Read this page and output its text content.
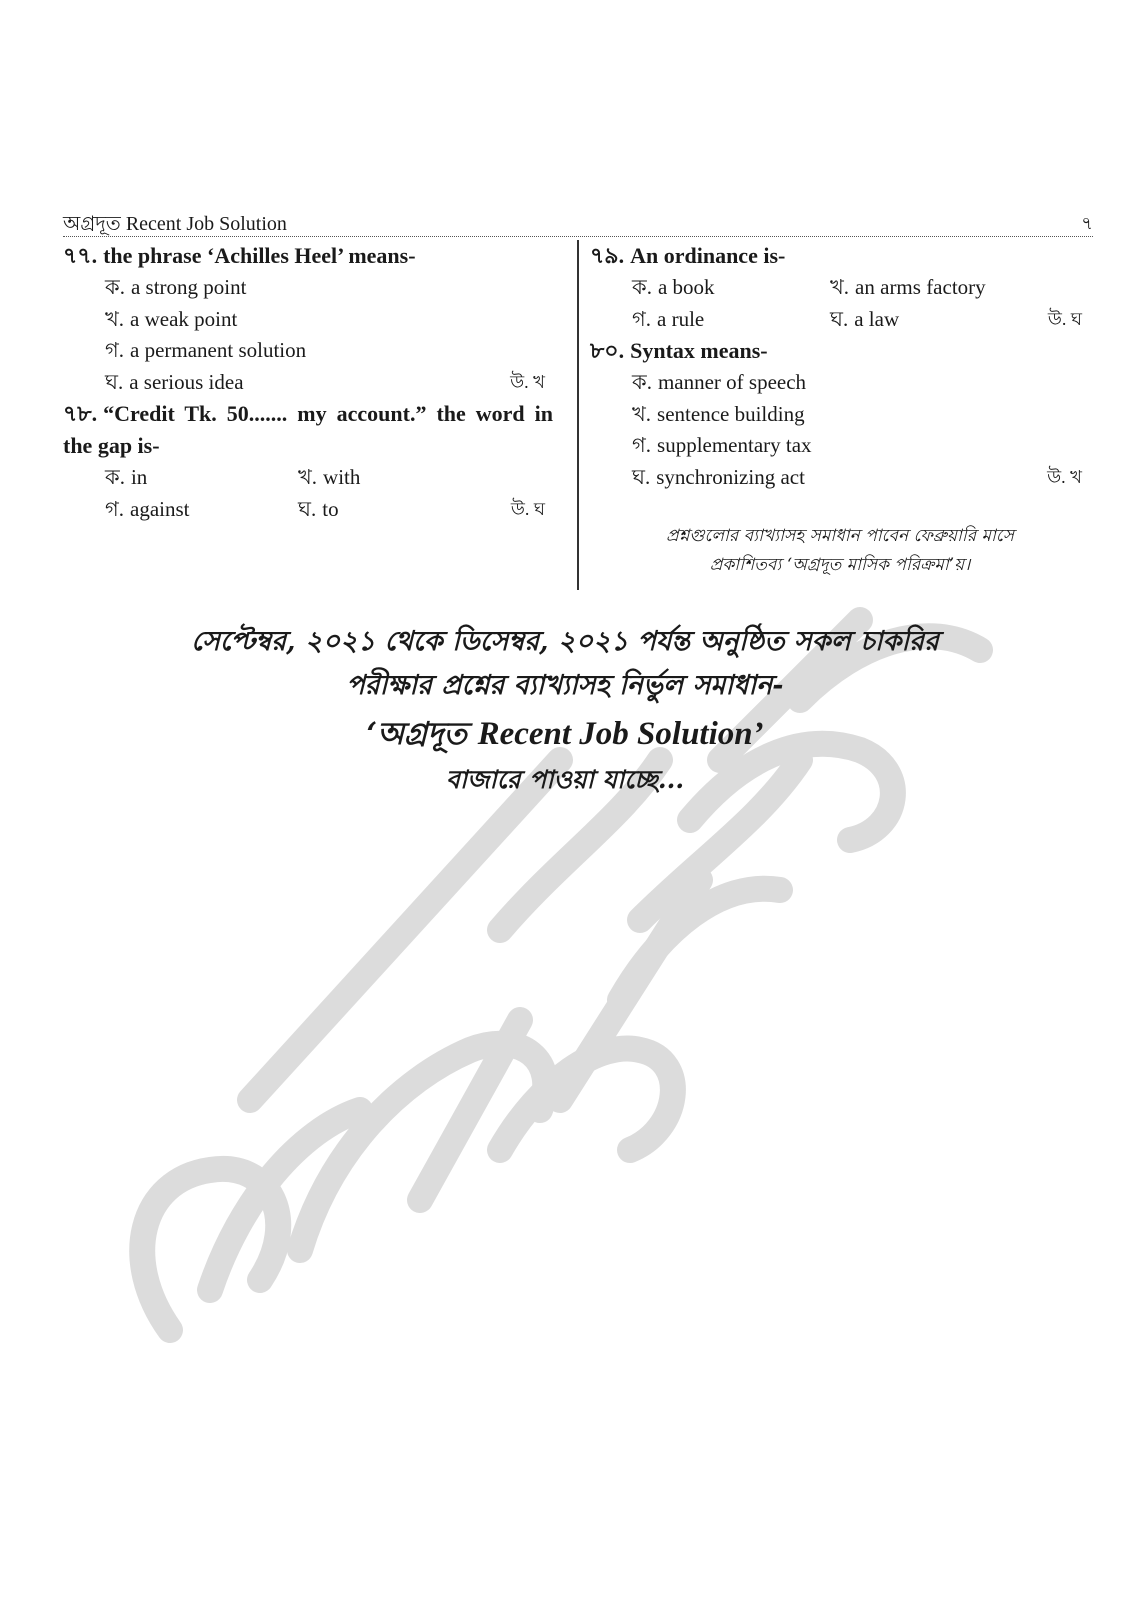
অগ্রদূত Recent Job Solution	৭
৭৭. the phrase ‘Achilles Heel’ means-
ক. a strong point
খ. a weak point
গ. a permanent solution
ঘ. a serious idea	উ. খ
৭৮. “Credit Tk. 50....... my account.” the word in the gap is-
ক. in	খ. with
গ. against	ঘ. to	উ. ঘ
৭৯. An ordinance is-
ক. a book	খ. an arms factory
গ. a rule	ঘ. a law	উ. ঘ
৮০. Syntax means-
ক. manner of speech
খ. sentence building
গ. supplementary tax
ঘ. synchronizing act	উ. খ
প্রশ্নগুলোর ব্যাখ্যাসহ সমাধান পাবেন ফেব্রুয়ারি মাসে
প্রকাশিতব্য ‘অগ্রদূত মাসিক পরিক্রমা’য়।
সেপ্টেম্বর, ২০২১ থেকে ডিসেম্বর, ২০২১ পর্যন্ত অনুষ্ঠিত সকল চাকরির
পরীক্ষার প্রশ্নের ব্যাখ্যাসহ নির্ভুল সমাধান-
‘অগ্রদূত Recent Job Solution’
বাজারে পাওয়া যাচ্ছে...
